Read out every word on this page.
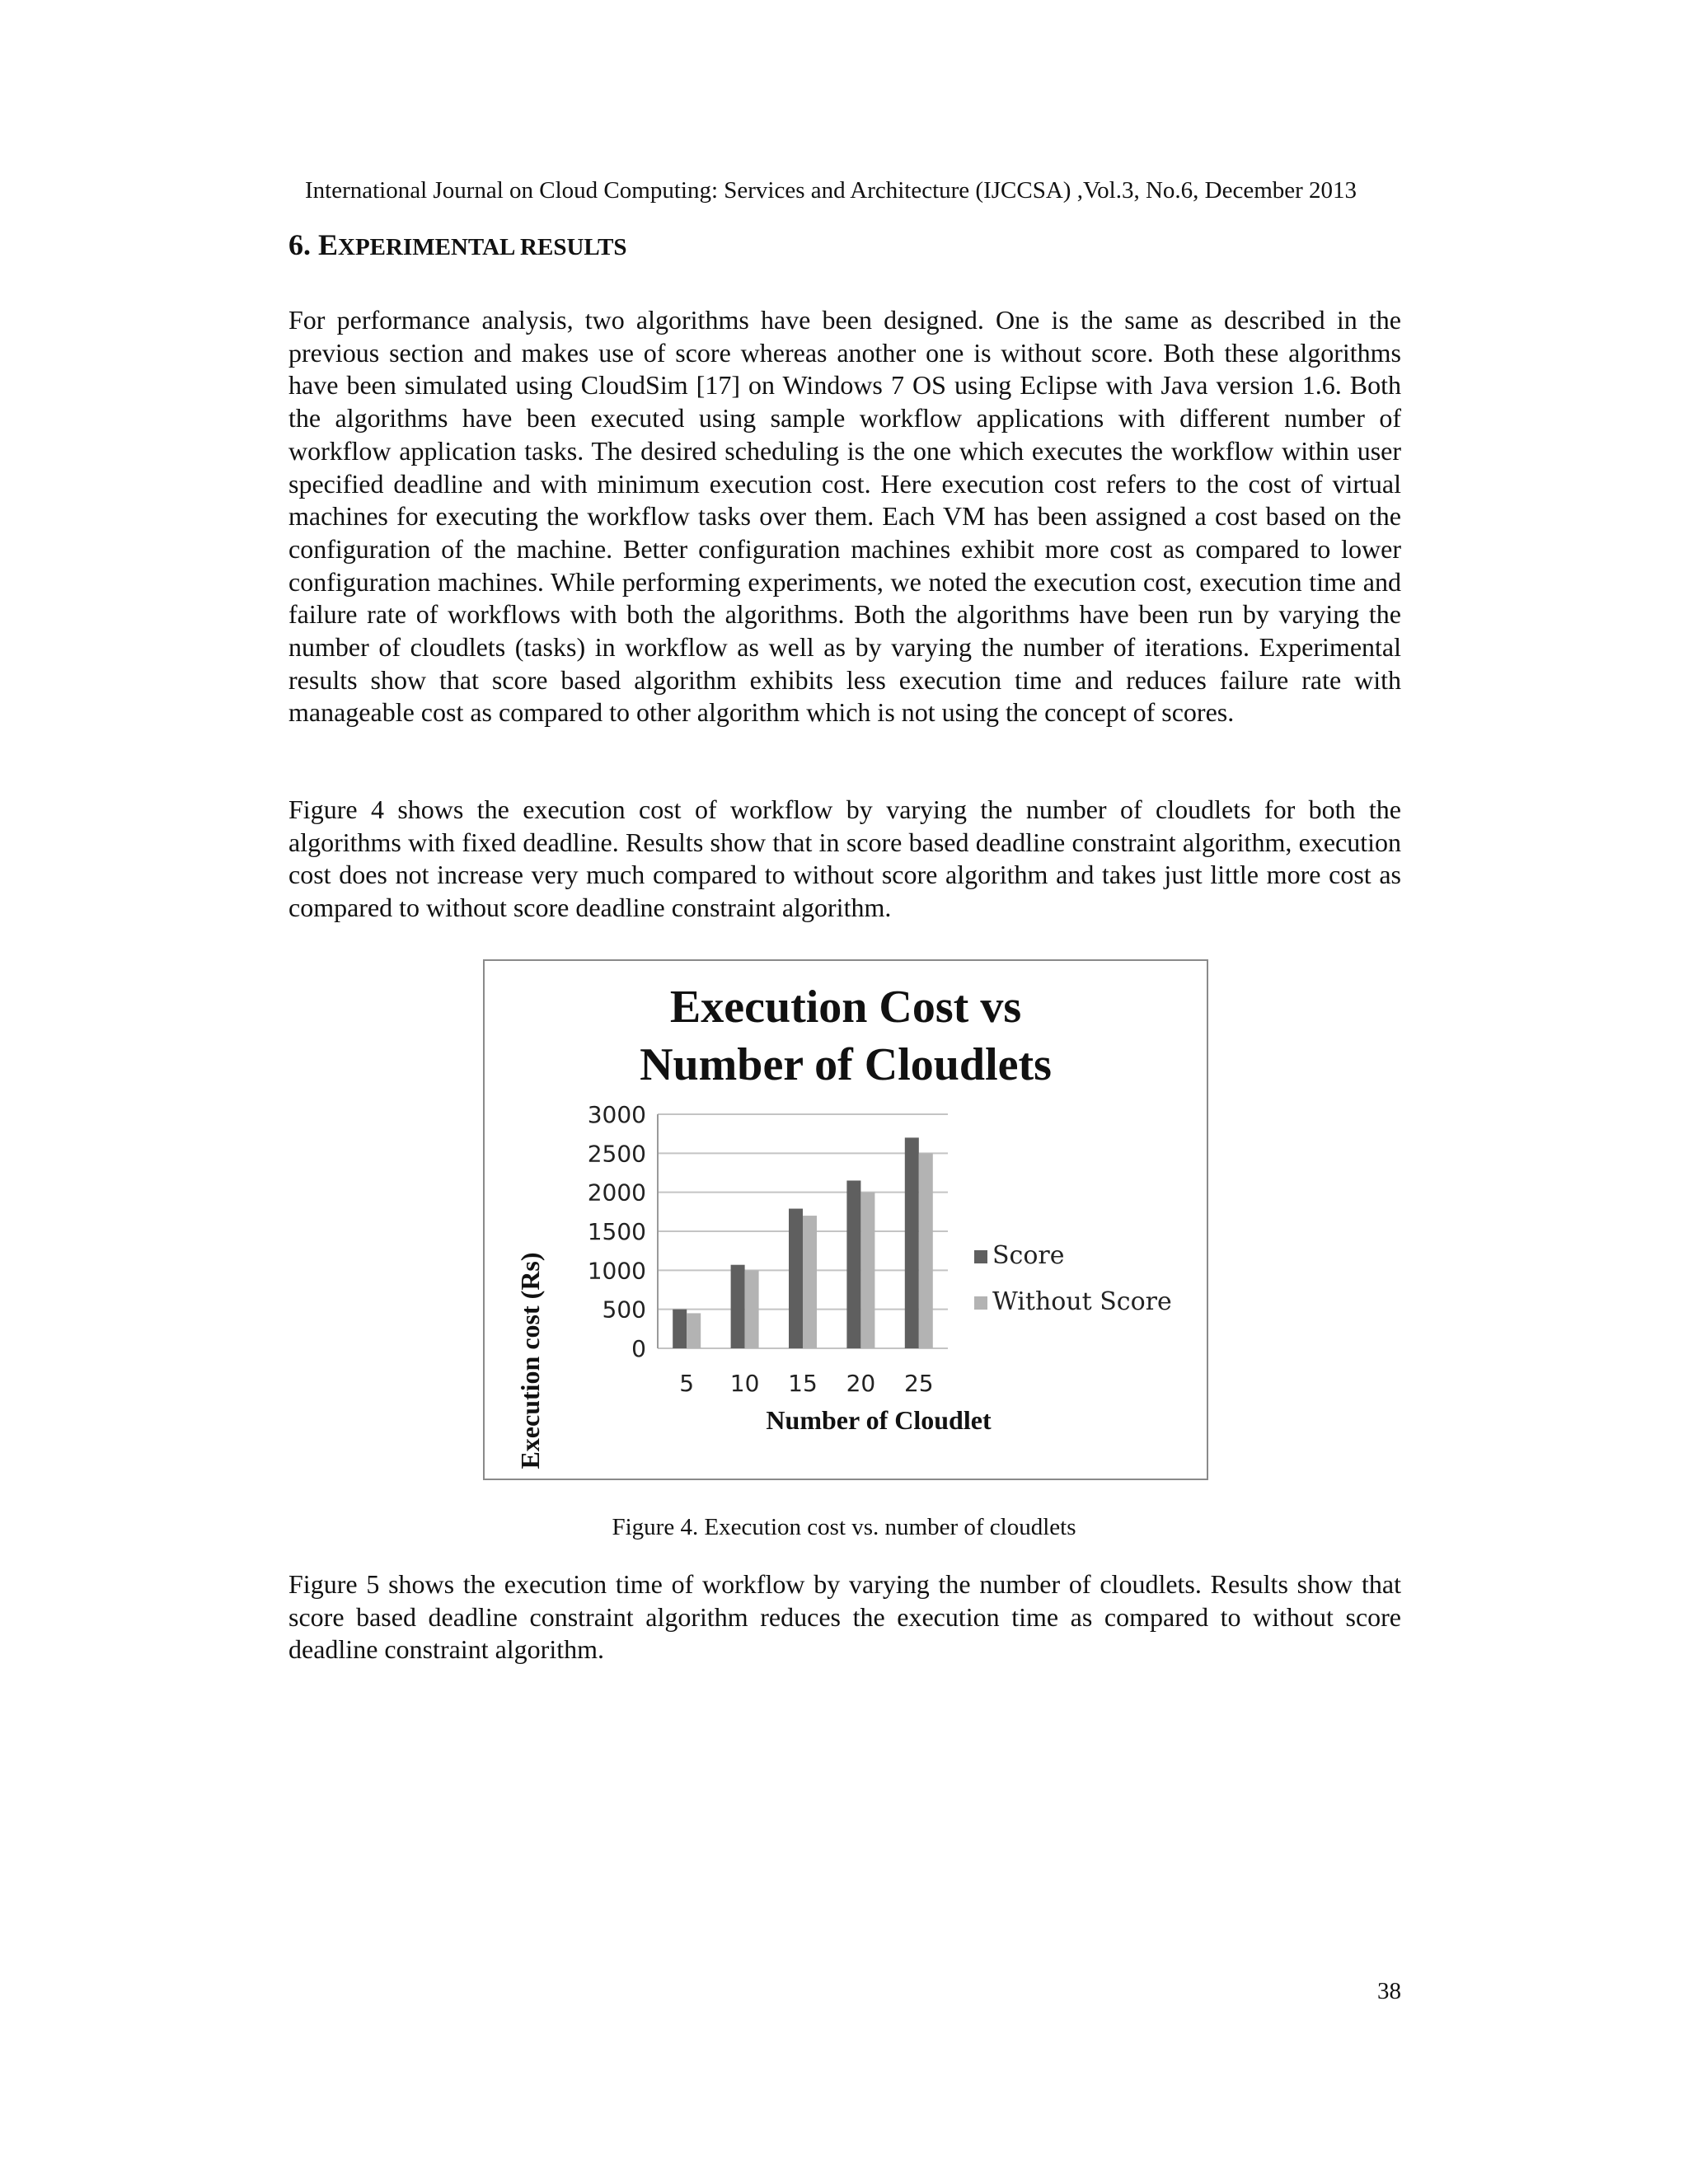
International Journal on Cloud Computing: Services and Architecture (IJCCSA) ,Vol.3, No.6, December 2013
6. EXPERIMENTAL RESULTS

For performance analysis, two algorithms have been designed. One is the same as described in the previous section and makes use of score whereas another one is without score. Both these algorithms have been simulated using CloudSim [17] on Windows 7 OS using Eclipse with Java version 1.6. Both the algorithms have been executed using sample workflow applications with different number of workflow application tasks. The desired scheduling is the one which executes the workflow within user specified deadline and with minimum execution cost. Here execution cost refers to the cost of virtual machines for executing the workflow tasks over them. Each VM has been assigned a cost based on the configuration of the machine. Better configuration machines exhibit more cost as compared to lower configuration machines. While performing experiments, we noted the execution cost, execution time and failure rate of workflows with both the algorithms. Both the algorithms have been run by varying the number of cloudlets (tasks) in workflow as well as by varying the number of iterations. Experimental results show that score based algorithm exhibits less execution time and reduces failure rate with manageable cost as compared to other algorithm which is not using the concept of scores.

Figure 4 shows the execution cost of workflow by varying the number of cloudlets for both the algorithms with fixed deadline. Results show that in score based deadline constraint algorithm, execution cost does not increase very much compared to without score algorithm and takes just little more cost as compared to without score deadline constraint algorithm.

Execution Cost vs
Number of Cloudlets
0
500
1000
1500
2000
2500
3000
5 10 15 20 25
Execution cost (Rs)	Number of Cloudlet
Score
Without Score
Figure 4. Execution cost vs. number of cloudlets

Figure 5 shows the execution time of workflow by varying the number of cloudlets. Results show that score based deadline constraint algorithm reduces the execution time as compared to without score deadline constraint algorithm.

38
